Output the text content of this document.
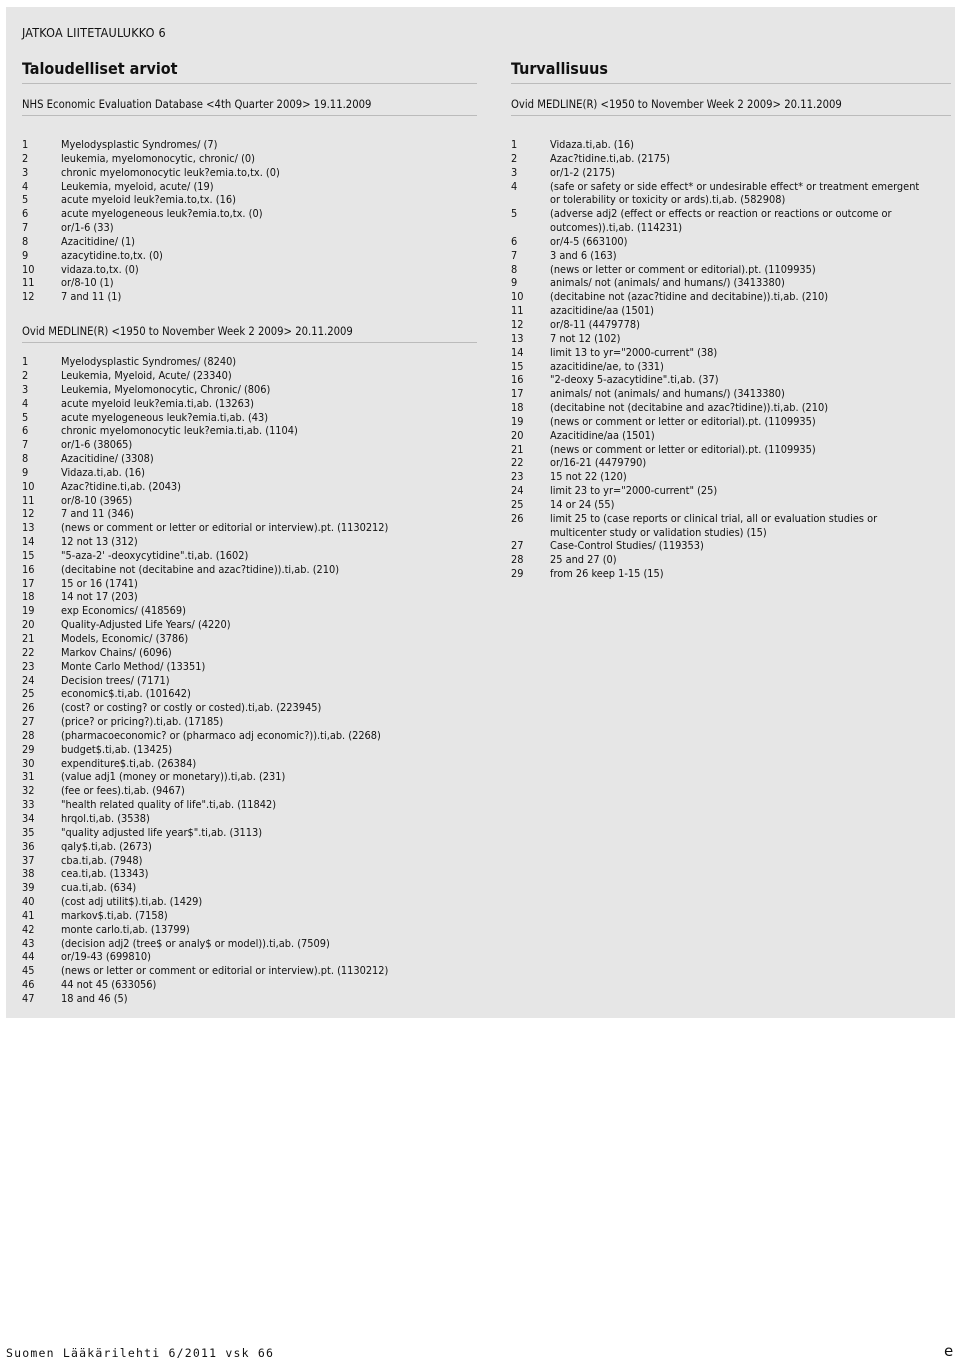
JATKOA LIITETAULUKKO 6
Taloudelliset arviot
NHS Economic Evaluation Database <4th Quarter 2009> 19.11.2009
1	Myelodysplastic Syndromes/ (7)
2	leukemia, myelomonocytic, chronic/ (0)
3	chronic myelomonocytic leuk?emia.to,tx. (0)
4	Leukemia, myeloid, acute/ (19)
5	acute myeloid leuk?emia.to,tx. (16)
6	acute myelogeneous leuk?emia.to,tx. (0)
7	or/1-6 (33)
8	Azacitidine/ (1)
9	azacytidine.to,tx. (0)
10	vidaza.to,tx. (0)
11	or/8-10 (1)
12	7 and 11 (1)
Ovid MEDLINE(R) <1950 to November Week 2 2009> 20.11.2009
1	Myelodysplastic Syndromes/ (8240)
2	Leukemia, Myeloid, Acute/ (23340)
3	Leukemia, Myelomonocytic, Chronic/ (806)
4	acute myeloid leuk?emia.ti,ab. (13263)
5	acute myelogeneous leuk?emia.ti,ab. (43)
6	chronic myelomonocytic leuk?emia.ti,ab. (1104)
7	or/1-6 (38065)
8	Azacitidine/ (3308)
9	Vidaza.ti,ab. (16)
10	Azac?tidine.ti,ab. (2043)
11	or/8-10 (3965)
12	7 and 11 (346)
13	(news or comment or letter or editorial or interview).pt. (1130212)
14	12 not 13 (312)
15	"5-aza-2' -deoxycytidine".ti,ab. (1602)
16	(decitabine not (decitabine and azac?tidine)).ti,ab. (210)
17	15 or 16 (1741)
18	14 not 17 (203)
19	exp Economics/ (418569)
20	Quality-Adjusted Life Years/ (4220)
21	Models, Economic/ (3786)
22	Markov Chains/ (6096)
23	Monte Carlo Method/ (13351)
24	Decision trees/ (7171)
25	economic$.ti,ab. (101642)
26	(cost? or costing? or costly or costed).ti,ab. (223945)
27	(price? or pricing?).ti,ab. (17185)
28	(pharmacoeconomic? or (pharmaco adj economic?)).ti,ab. (2268)
29	budget$.ti,ab. (13425)
30	expenditure$.ti,ab. (26384)
31	(value adj1 (money or monetary)).ti,ab. (231)
32	(fee or fees).ti,ab. (9467)
33	"health related quality of life".ti,ab. (11842)
34	hrqol.ti,ab. (3538)
35	"quality adjusted life year$".ti,ab. (3113)
36	qaly$.ti,ab. (2673)
37	cba.ti,ab. (7948)
38	cea.ti,ab. (13343)
39	cua.ti,ab. (634)
40	(cost adj utilit$).ti,ab. (1429)
41	markov$.ti,ab. (7158)
42	monte carlo.ti,ab. (13799)
43	(decision adj2 (tree$ or analy$ or model)).ti,ab. (7509)
44	or/19-43 (699810)
45	(news or letter or comment or editorial or interview).pt. (1130212)
46	44 not 45 (633056)
47	18 and 46 (5)
Turvallisuus
Ovid MEDLINE(R) <1950 to November Week 2 2009> 20.11.2009
1	Vidaza.ti,ab. (16)
2	Azac?tidine.ti,ab. (2175)
3	or/1-2 (2175)
4	(safe or safety or side effect* or undesirable effect* or treatment emergent
or tolerability or toxicity or ards).ti,ab. (582908)
5	(adverse adj2 (effect or effects or reaction or reactions or outcome or
outcomes)).ti,ab. (114231)
6	or/4-5 (663100)
7	3 and 6 (163)
8	(news or letter or comment or editorial).pt. (1109935)
9	animals/ not (animals/ and humans/) (3413380)
10	(decitabine not (azac?tidine and decitabine)).ti,ab. (210)
11	azacitidine/aa (1501)
12	or/8-11 (4479778)
13	7 not 12 (102)
14	limit 13 to yr="2000-current" (38)
15	azacitidine/ae, to (331)
16	"2-deoxy 5-azacytidine".ti,ab. (37)
17	animals/ not (animals/ and humans/) (3413380)
18	(decitabine not (decitabine and azac?tidine)).ti,ab. (210)
19	(news or comment or letter or editorial).pt. (1109935)
20	Azacitidine/aa (1501)
21	(news or comment or letter or editorial).pt. (1109935)
22	or/16-21 (4479790)
23	15 not 22 (120)
24	limit 23 to yr="2000-current" (25)
25	14 or 24 (55)
26	limit 25 to (case reports or clinical trial, all or evaluation studies or
multicenter study or validation studies) (15)
27	Case-Control Studies/ (119353)
28	25 and 27 (0)
29	from 26 keep 1-15 (15)
Suomen Lääkärilehti 6/2011 vsk 66	e
